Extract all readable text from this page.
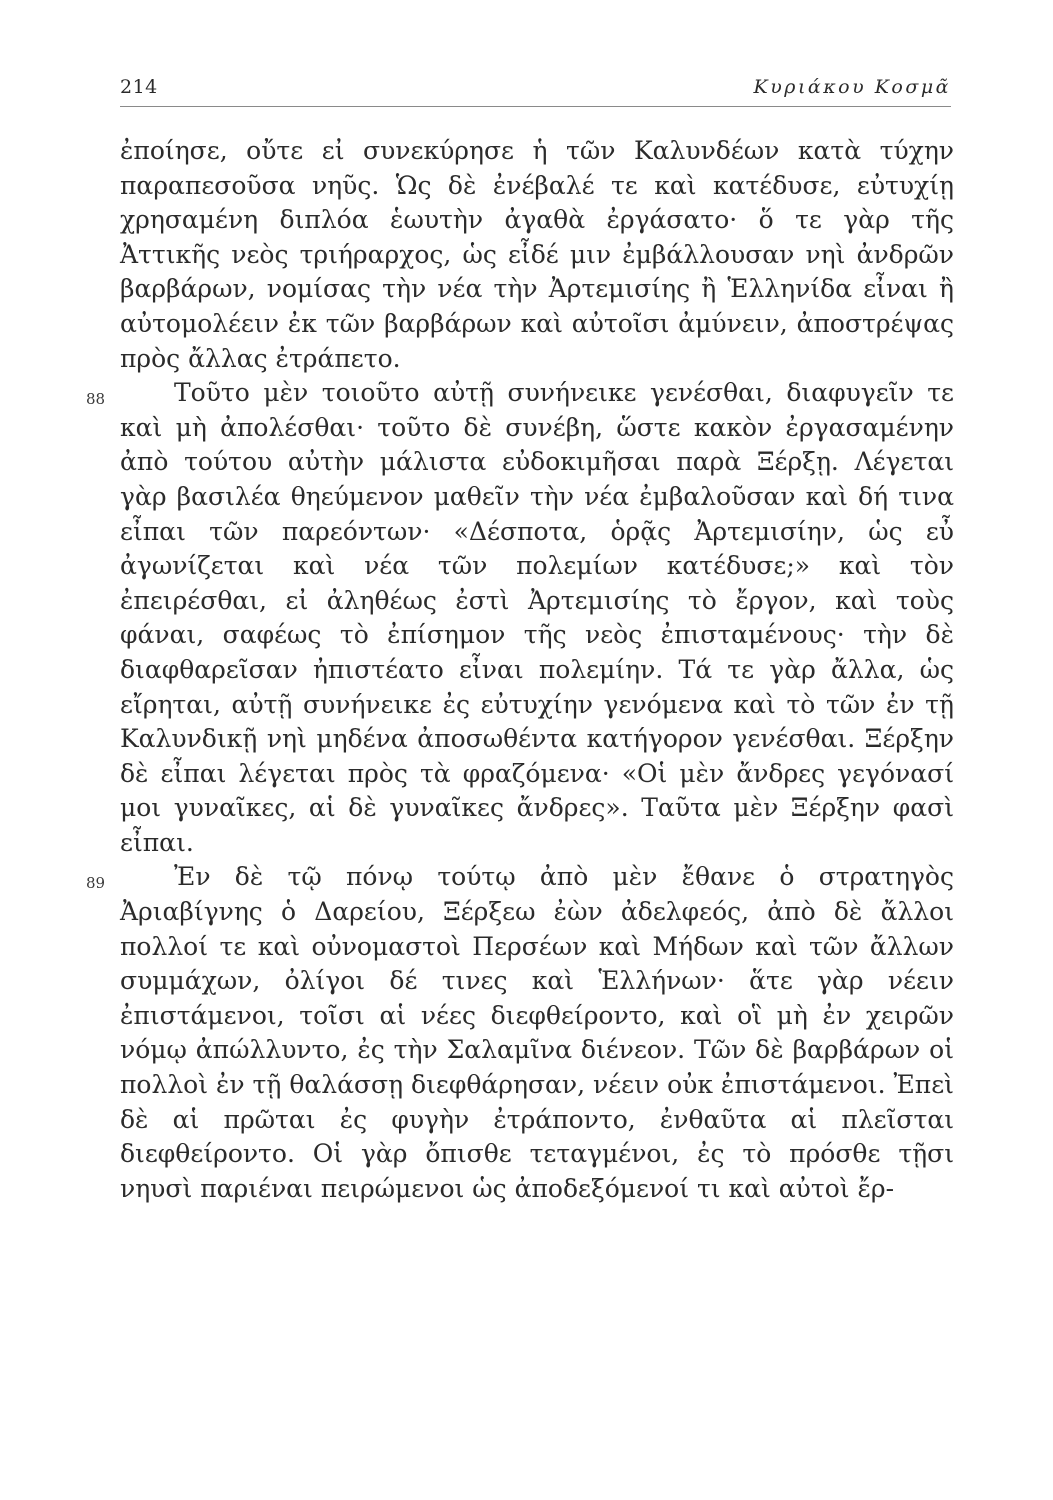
214	Κυριάκου Κοσμᾶ

ἐποίησε, οὔτε εἰ συνεκύρησε ἡ τῶν Καλυνδέων κατὰ τύχην παραπεσοῦσα νηῦς. Ὡς δὲ ἐνέβαλέ τε καὶ κατέδυσε, εὐτυχίῃ χρησαμένη διπλόα ἑωυτὴν ἀγαθὰ ἐργάσατο· ὅ τε γὰρ τῆς Ἀττικῆς νεὸς τριήραρχος, ὡς εἶδέ μιν ἐμβάλλουσαν νηὶ ἀνδρῶν βαρβάρων, νομίσας τὴν νέα τὴν Ἀρτεμισίης ἢ Ἑλληνίδα εἶναι ἢ αὐτομολέειν ἐκ τῶν βαρβάρων καὶ αὐτοῖσι ἀμύνειν, ἀποστρέψας πρὸς ἄλλας ἐτράπετο.

88	Τοῦτο μὲν τοιοῦτο αὐτῇ συνήνεικε γενέσθαι, διαφυγεῖν τε καὶ μὴ ἀπολέσθαι· τοῦτο δὲ συνέβη, ὥστε κακὸν ἐργασαμένην ἀπὸ τούτου αὐτὴν μάλιστα εὐδοκιμῆσαι παρὰ Ξέρξῃ. Λέγεται γὰρ βασιλέα θηεύμενον μαθεῖν τὴν νέα ἐμβαλοῦσαν καὶ δή τινα εἶπαι τῶν παρεόντων· «Δέσποτα, ὁρᾷς Ἀρτεμισίην, ὡς εὖ ἀγωνίζεται καὶ νέα τῶν πολεμίων κατέδυσε;» καὶ τὸν ἐπειρέσθαι, εἰ ἀληθέως ἐστὶ Ἀρτεμισίης τὸ ἔργον, καὶ τοὺς φάναι, σαφέως τὸ ἐπίσημον τῆς νεὸς ἐπισταμένους· τὴν δὲ διαφθαρεῖσαν ἠπιστέατο εἶναι πολεμίην. Τά τε γὰρ ἄλλα, ὡς εἴρηται, αὐτῇ συνήνεικε ἐς εὐτυχίην γενόμενα καὶ τὸ τῶν ἐν τῇ Καλυνδικῇ νηὶ μηδένα ἀποσωθέντα κατήγορον γενέσθαι. Ξέρξην δὲ εἶπαι λέγεται πρὸς τὰ φραζόμενα· «Οἱ μὲν ἄνδρες γεγόνασί μοι γυναῖκες, αἱ δὲ γυναῖκες ἄνδρες». Ταῦτα μὲν Ξέρξην φασὶ εἶπαι.

89	Ἐν δὲ τῷ πόνῳ τούτῳ ἀπὸ μὲν ἔθανε ὁ στρατηγὸς Ἀριαβίγνης ὁ Δαρείου, Ξέρξεω ἐὼν ἀδελφεός, ἀπὸ δὲ ἄλλοι πολλοί τε καὶ οὐνομαστοὶ Περσέων καὶ Μήδων καὶ τῶν ἄλλων συμμάχων, ὀλίγοι δέ τινες καὶ Ἑλλήνων· ἅτε γὰρ νέειν ἐπιστάμενοι, τοῖσι αἱ νέες διεφθείροντο, καὶ οἳ μὴ ἐν χειρῶν νόμῳ ἀπώλλυντο, ἐς τὴν Σαλαμῖνα διένεον. Τῶν δὲ βαρβάρων οἱ πολλοὶ ἐν τῇ θαλάσσῃ διεφθάρησαν, νέειν οὐκ ἐπιστάμενοι. Ἐπεὶ δὲ αἱ πρῶται ἐς φυγὴν ἐτράποντο, ἐνθαῦτα αἱ πλεῖσται διεφθείροντο. Οἱ γὰρ ὄπισθε τεταγμένοι, ἐς τὸ πρόσθε τῇσι νηυσὶ παριέναι πειρώμενοι ὡς ἀποδεξόμενοί τι καὶ αὐτοὶ ἔρ-
